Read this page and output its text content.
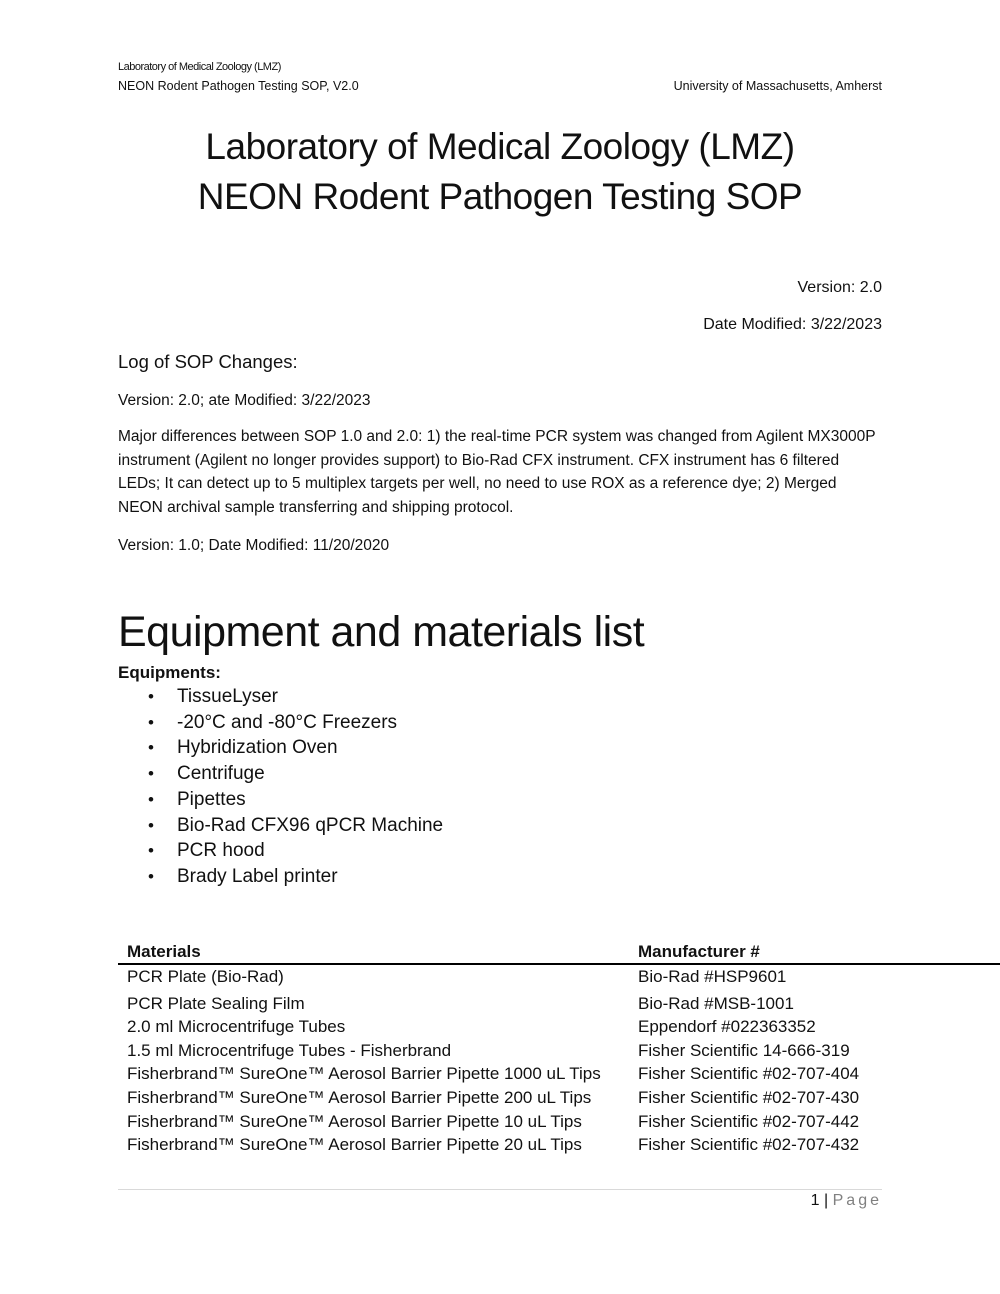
Laboratory of Medical Zoology (LMZ)
NEON Rodent Pathogen Testing SOP, V2.0	University of Massachusetts, Amherst
Laboratory of Medical Zoology (LMZ)
NEON Rodent Pathogen Testing SOP
Version: 2.0
Date Modified: 3/22/2023
Log of SOP Changes:
Version: 2.0; ate Modified: 3/22/2023
Major differences between SOP 1.0 and 2.0: 1) the real-time PCR system was changed from Agilent MX3000P instrument (Agilent no longer provides support) to Bio-Rad CFX instrument. CFX instrument has 6 filtered LEDs; It can detect up to 5 multiplex targets per well, no need to use ROX as a reference dye; 2) Merged NEON archival sample transferring and shipping protocol.
Version: 1.0; Date Modified: 11/20/2020
Equipment and materials list
Equipments:
• TissueLyser
• -20°C and -80°C Freezers
• Hybridization Oven
• Centrifuge
• Pipettes
• Bio-Rad CFX96 qPCR Machine
• PCR hood
• Brady Label printer
Materials	Manufacturer #
PCR Plate (Bio-Rad)	Bio-Rad #HSP9601
PCR Plate Sealing Film	Bio-Rad #MSB-1001
2.0 ml Microcentrifuge Tubes	Eppendorf #022363352
1.5 ml Microcentrifuge Tubes - Fisherbrand	Fisher Scientific 14-666-319
Fisherbrand™ SureOne™ Aerosol Barrier Pipette 1000 uL Tips	Fisher Scientific #02-707-404
Fisherbrand™ SureOne™ Aerosol Barrier Pipette 200 uL Tips	Fisher Scientific #02-707-430
Fisherbrand™ SureOne™ Aerosol Barrier Pipette 10 uL Tips	Fisher Scientific #02-707-442
Fisherbrand™ SureOne™ Aerosol Barrier Pipette 20 uL Tips	Fisher Scientific #02-707-432
1 | Page
